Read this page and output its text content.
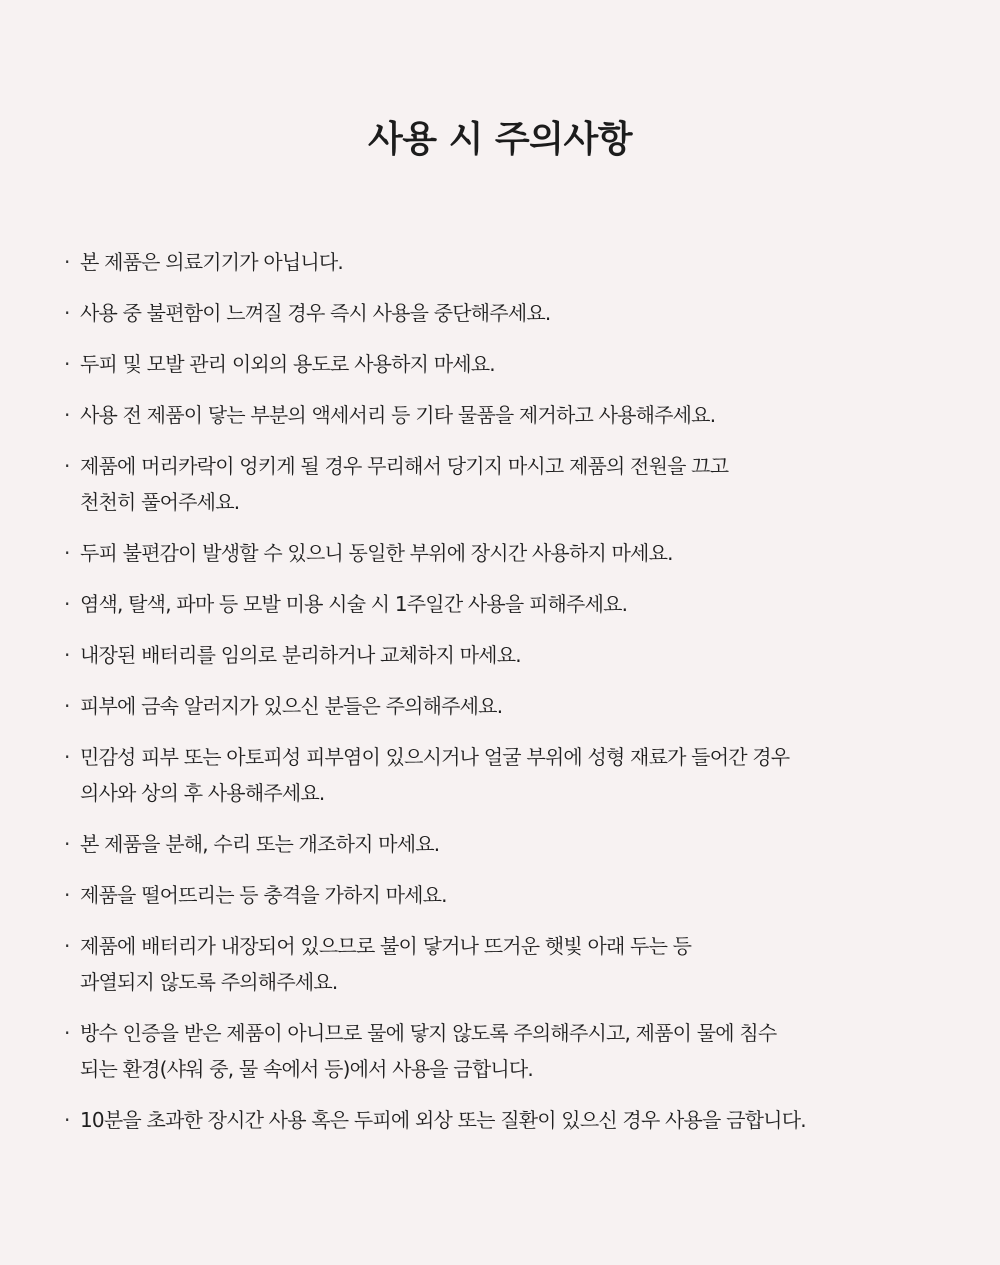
사용 시 주의사항
· 본 제품은 의료기기가 아닙니다.
· 사용 중 불편함이 느껴질 경우 즉시 사용을 중단해주세요.
· 두피 및 모발 관리 이외의 용도로 사용하지 마세요.
· 사용 전 제품이 닿는 부분의 액세서리 등 기타 물품을 제거하고 사용해주세요.
· 제품에 머리카락이 엉키게 될 경우 무리해서 당기지 마시고 제품의 전원을 끄고
천천히 풀어주세요.
· 두피 불편감이 발생할 수 있으니 동일한 부위에 장시간 사용하지 마세요.
· 염색, 탈색, 파마 등 모발 미용 시술 시 1주일간 사용을 피해주세요.
· 내장된 배터리를 임의로 분리하거나 교체하지 마세요.
· 피부에 금속 알러지가 있으신 분들은 주의해주세요.
· 민감성 피부 또는 아토피성 피부염이 있으시거나 얼굴 부위에 성형 재료가 들어간 경우
의사와 상의 후 사용해주세요.
· 본 제품을 분해, 수리 또는 개조하지 마세요.
· 제품을 떨어뜨리는 등 충격을 가하지 마세요.
· 제품에 배터리가 내장되어 있으므로 불이 닿거나 뜨거운 햇빛 아래 두는 등
과열되지 않도록 주의해주세요.
· 방수 인증을 받은 제품이 아니므로 물에 닿지 않도록 주의해주시고, 제품이 물에 침수
되는 환경(샤워 중, 물 속에서 등)에서 사용을 금합니다.
· 10분을 초과한 장시간 사용 혹은 두피에 외상 또는 질환이 있으신 경우 사용을 금합니다.
